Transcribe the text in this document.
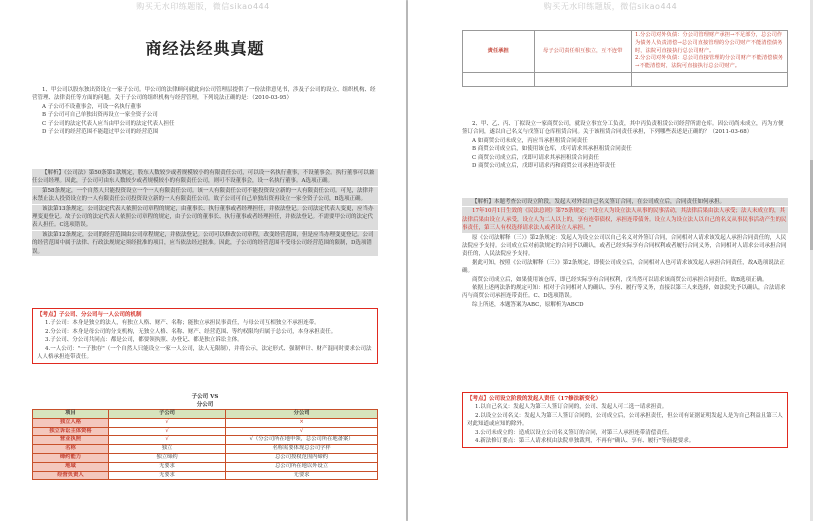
购买无水印练题版，微信sikao444
商经法经典真题
1、甲公司以股东独出资设立一家子公司。甲公司的法律顾问就此向公司管理层提供了一份法律意见书，涉及子公司的设立、组织机构、经营管理、法律责任等方面的问题。关于子公司的组织机构与经营管理，下列说法正确的是：（2010-03-95）
A 子公司不设董事会，可设一名执行董事
B 子公司可自己单独出资再设立一家全资子公司
C 子公司的法定代表人应当由甲公司的法定代表人担任
D 子公司的经营范围不能超过甲公司的经营范围
【解析】《公司法》第50条第1款规定，股东人数较少或者规模较小的有限责任公司，可以设一名执行董事，不设董事会。执行董事可以兼任公司经理。因此，子公司可由东人数较少或者规模较小的有限责任公司，则可不设董事会，设一名执行董事。A选项正确。
第58条规定，一个自然人只能投资设立一个一人有限责任公司。该一人有限责任公司不能投资设立新的一人有限责任公司。可见，法律并未禁止法人投资设立的一人有限责任公司投资设立新的一人有限责任公司。故子公司可自己单独出资再设立一家全资子公司，B选项正确。
该法第13条规定，公司法定代表人依照公司章程的规定，由董事长、执行董事或者经理担任，并依法登记。公司法定代表人变更，应当办理变更登记。故子公司的法定代表人依照公司章程的规定，由子公司的董事长、执行董事或者经理担任，并依法登记。不需要甲公司的法定代表人担任。C选项错误。
该法第12条规定，公司的经营范围由公司章程规定，并依法登记。公司可以修改公司章程，改变经营范围，但是应当办理变更登记。公司的经营范围中属于法律、行政法规规定须经批准的项目，应当依法经过批准。因此，子公司的经营范围不受母公司经营范围的限制，D选项错误。
【考点】子公司、分公司与一人公司的机制
1.子公司：本身是独立的法人，有独立人格、财产、名称；能独立承担民事责任，与母公司互相独立不承担连带。
2.分公司：本身是母公司的分支机构，无独立人格、名称、财产、经营范围、等约权限均归属于总公司，本身承担责任。
3.子公司、分公司共同点：都是公司，都要领执照、办登记、都是独立诉讼主体。
4.一人公司："一子独存"（一个自然人只能设立一家一人公司，法人无限制），并将公示，法定形式、强制审计、财产混同时要求公司法人人格承担连带责任。
子公司 VS
分公司
项目	子公司	分公司
独立人格	√	×
独立诉讼主体资格	√	√
营业执照	√	√（分公司所在地申领，总公司所在地备案）
名称	独立	名称需要体现总公司字样
缔约能力	独立缔约	总公司授权范围内缔约
地域	无要求	总公司所在地以外设立
经营负责人	无要求	无要求
购买无水印练题版，微信sikao444
责任承担	母子公司责任相互独立，互不连带	1.分公司对外负债：分公司管理财产承担→不足部分，总公司作为债务人负责清偿→总公司直接管理的分公司财产不能清偿债务时，法院可直接执行总公司财产。
2.分公司对外负债：总公司直接管理的分公司财产不能清偿债务→不能清偿时，法院可直接执行总公司财产。

2、甲、乙、丙、丁拟设立一家商贸公司，就设立事宜分工负责，其中丙负责租赁公司经营所需仓库。因公司尚未成立，丙为方便签订合同，遂以自己名义与戊签订仓库租赁合同。关于该租赁合同责任承担，下列哪些表述是正确的？（2011-03-68）
A 如商贸公司未成立，丙应当承担租赁合同责任
B 商贸公司成立后，如使用该仓库，戊可请求其承担租赁合同责任
C 商贸公司成立后，戊即可请求其承担租赁合同责任
D 商贸公司成立后，戊即可请求丙和商贸公司承担连带责任
【解析】本题考查公司设立阶段，发起人对外以自己名义签订合同，在公司成立后，合同责任如何承担。
17年10月1日生效的《民法总则》第75条规定："设立人为设立法人从事的民事活动，其法律后果由法人承受；法人未成立的，其法律后果由设立人承受，设立人为二人以上的，享有连带债权，承担连带债务。设立人为设立法人以自己的名义从事民事活动产生的民事责任，第三人有权选择请求法人或者设立人承担。"
原《公司法解释（三）》第2条规定：发起人为设立公司以自己名义对外签订合同，合同相对人请求该发起人承担合同责任的，人民法院应予支持。公司成立后对前款规定的合同予以确认，或者已经实际享有合同权利或者履行合同义务，合同相对人请求公司承担合同责任的，人民法院应予支持。
据此可知，按照《公司法解释（三）》第2条规定，即使公司成立后，合同相对人也可请求该发起人承担合同责任，故A选项说法正确。
商贸公司成立后，如果使用该仓库，即已经实际享有合同权利，戊当然可以请求该商贸公司承担合同责任，故B选项正确。
依据上述两法条的规定可知：相对于合同相对人的确认、享有、履行等义务，直接以第三人来选择，如法院先予以确认，合法请求丙与商贸公司承担连带责任。C、D选项错误。
综上所述，本题答案为ABC，原解析为ABCD
【考点】公司设立阶段的发起人责任（17修法新变化）
1.以自己名义：发起人为第三人签订合同的，公司、发起人可二选一请求担责。
2.以设立公司名义：发起人为第三人签订合同的，公司成立后，公司承担责任，但公司有证据证明发起人是为自己利益且第三人对此知道或应知的除外。
3.公司未成立的：造成以设立公司名义签订的合同，对第三人承担连带清偿责任。
4.新法修订要点：第三人请求权由法院单独裁判，不再有"确认、享有、履行"等前提要求。
